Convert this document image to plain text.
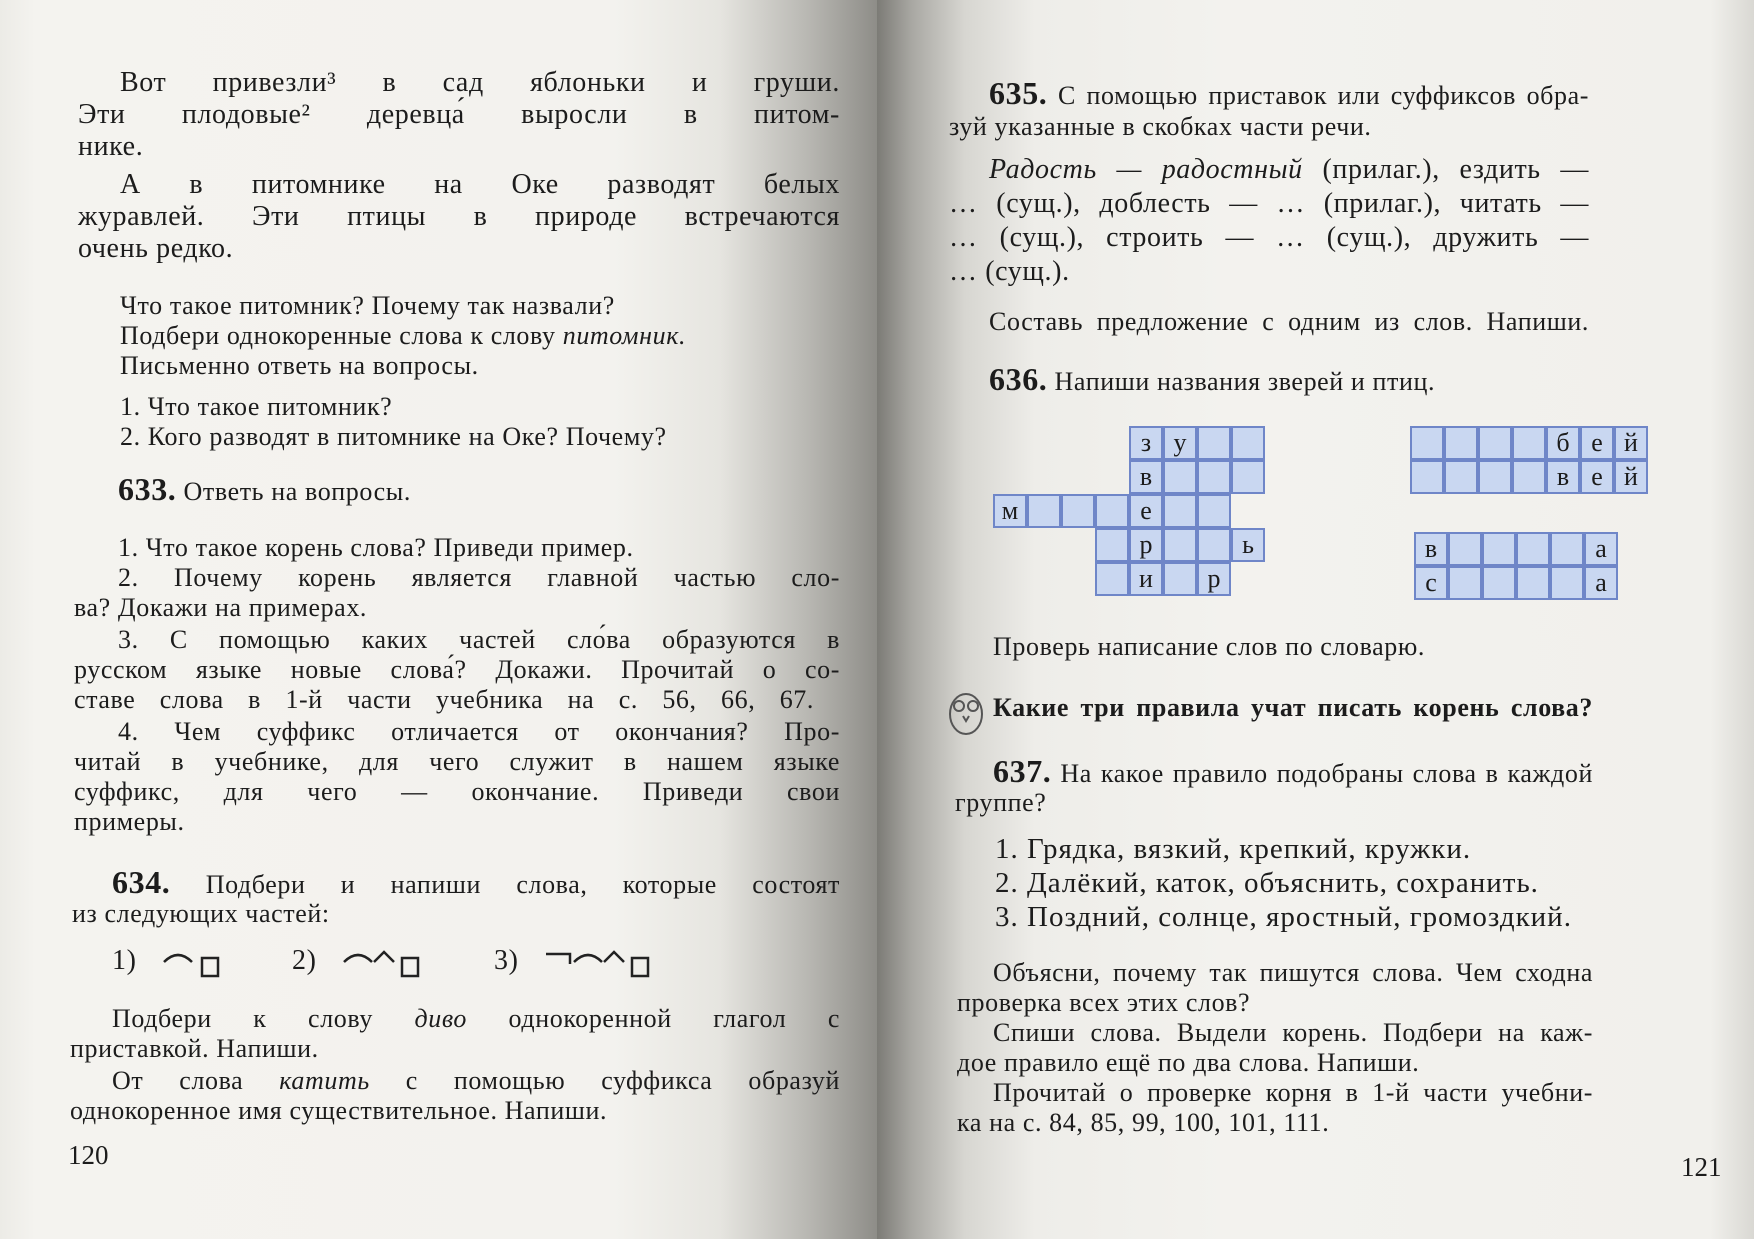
Вот привезли³ в сад яблоньки и груши.
Эти плодовые² деревца́ выросли в питом-
нике.
А в питомнике на Оке разводят белых
журавлей. Эти птицы в природе встречаются
очень редко.
Что такое питомник? Почему так назвали?
Подбери однокоренные слова к слову питомник.
Письменно ответь на вопросы.
1. Что такое питомник?
2. Кого разводят в питомнике на Оке? Почему?
633. Ответь на вопросы.
1. Что такое корень слова? Приведи пример.
2. Почему корень является главной частью сло-
ва? Докажи на примерах.
3. С помощью каких частей сло́ва образуются в
русском языке новые слова́? Докажи. Прочитай о со-
ставе слова в 1-й части учебника на с. 56, 66, 67.
4. Чем суффикс отличается от окончания? Про-
читай в учебнике, для чего служит в нашем языке
суффикс, для чего — окончание. Приведи свои
примеры.
634. Подбери и напиши слова, которые состоят
из следующих частей:
1)	2)	3)
Подбери к слову диво однокоренной глагол с
приставкой. Напиши.
От слова катить с помощью суффикса образуй
однокоренное имя существительное. Напиши.
120
635. С помощью приставок или суффиксов обра-
зуй указанные в скобках части речи.
Радость — радостный (прилаг.), ездить —
… (сущ.), доблесть — … (прилаг.), читать —
… (сущ.), строить — … (сущ.), дружить —
… (сущ.).
Составь предложение с одним из слов. Напиши.
636. Напиши названия зверей и птиц.
з у
в
м	е
р	ь
и	р
б е й
в е й
в	а
с	а
Проверь написание слов по словарю.
Какие три правила учат писать корень слова?
637. На какое правило подобраны слова в каждой
группе?
1. Грядка, вязкий, крепкий, кружки.
2. Далёкий, каток, объяснить, сохранить.
3. Поздний, солнце, яростный, громоздкий.
Объясни, почему так пишутся слова. Чем сходна
проверка всех этих слов?
Спиши слова. Выдели корень. Подбери на каж-
дое правило ещё по два слова. Напиши.
Прочитай о проверке корня в 1-й части учебни-
ка на с. 84, 85, 99, 100, 101, 111.
121
